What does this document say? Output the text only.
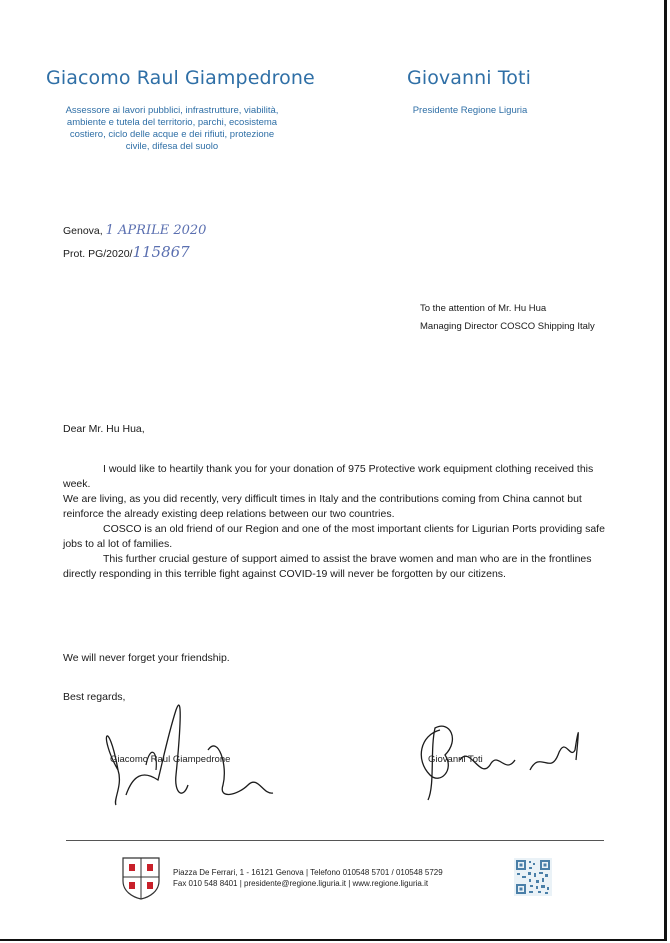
Giacomo Raul Giampedrone
Assessore ai lavori pubblici, infrastrutture, viabilità,
ambiente e tutela del territorio, parchi, ecosistema
costiero, ciclo delle acque e dei rifiuti, protezione
civile, difesa del suolo
Giovanni Toti
Presidente Regione Liguria
Genova, 1 APRILE 2020
Prot. PG/2020/115867
To the attention of Mr. Hu Hua
Managing Director COSCO Shipping Italy
Dear Mr. Hu Hua,

I would like to heartily thank you for your donation of 975 Protective work equipment clothing received this week.

We are living, as you did recently, very difficult times in Italy and the contributions coming from China cannot but reinforce the already existing deep relations between our two countries.

COSCO is an old friend of our Region and one of the most important clients for Ligurian Ports providing safe jobs to al lot of families.

This further crucial gesture of support aimed to assist the brave women and man who are in the frontlines directly responding in this terrible fight against COVID-19 will never be forgotten by our citizens.

We will never forget your friendship.
Best regards,
Giacomo Raul Giampedrone	Giovanni Toti
Piazza De Ferrari, 1 - 16121 Genova | Telefono 010548 5701 / 010548 5729
Fax 010 548 8401 | presidente@regione.liguria.it | www.regione.liguria.it
